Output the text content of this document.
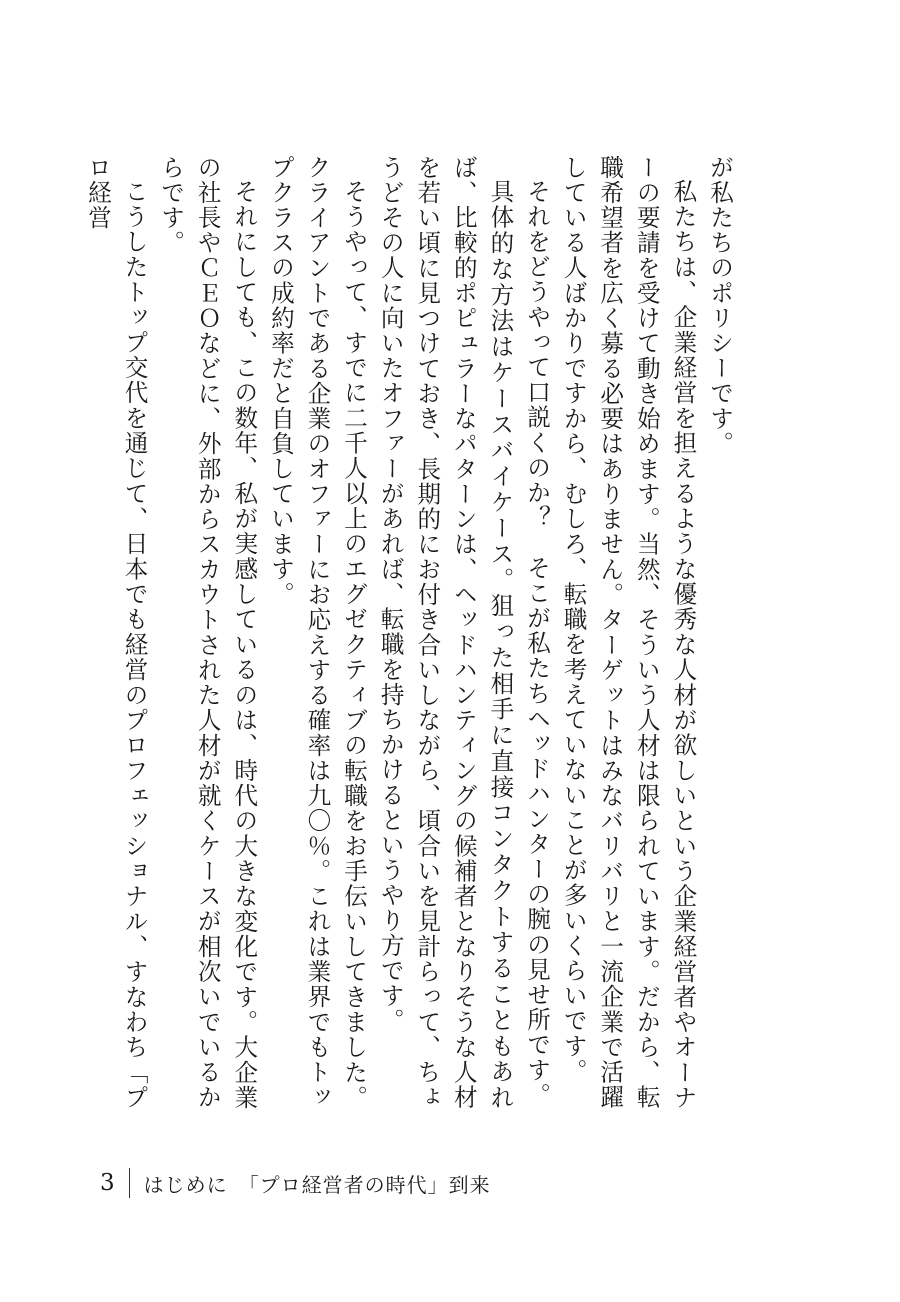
が私たちのポリシーです。

私たちは、企業経営を担えるような優秀な人材が欲しいという企業経営者やオーナーの要請を受けて動き始めます。当然、そういう人材は限られています。だから、転職希望者を広く募る必要はありません。ターゲットはみなバリバリと一流企業で活躍している人ばかりですから、むしろ、転職を考えていないことが多いくらいです。

それをどうやって口説くのか？　そこが私たちヘッドハンターの腕の見せ所です。

具体的な方法はケースバイケース。狙った相手に直接コンタクトすることもあれば、比較的ポピュラーなパターンは、ヘッドハンティングの候補者となりそうな人材を若い頃に見つけておき、長期的にお付き合いしながら、頃合いを見計らって、ちょうどその人に向いたオファーがあれば、転職を持ちかけるというやり方です。

そうやって、すでに二千人以上のエグゼクティブの転職をお手伝いしてきました。クライアントである企業のオファーにお応えする確率は九〇％。これは業界でもトップクラスの成約率だと自負しています。

それにしても、この数年、私が実感しているのは、時代の大きな変化です。大企業の社長やＣＥＯなどに、外部からスカウトされた人材が就くケースが相次いでいるからです。

こうしたトップ交代を通じて、日本でも経営のプロフェッショナル、すなわち「プロ経営

3	はじめに　「プロ経営者の時代」到来
